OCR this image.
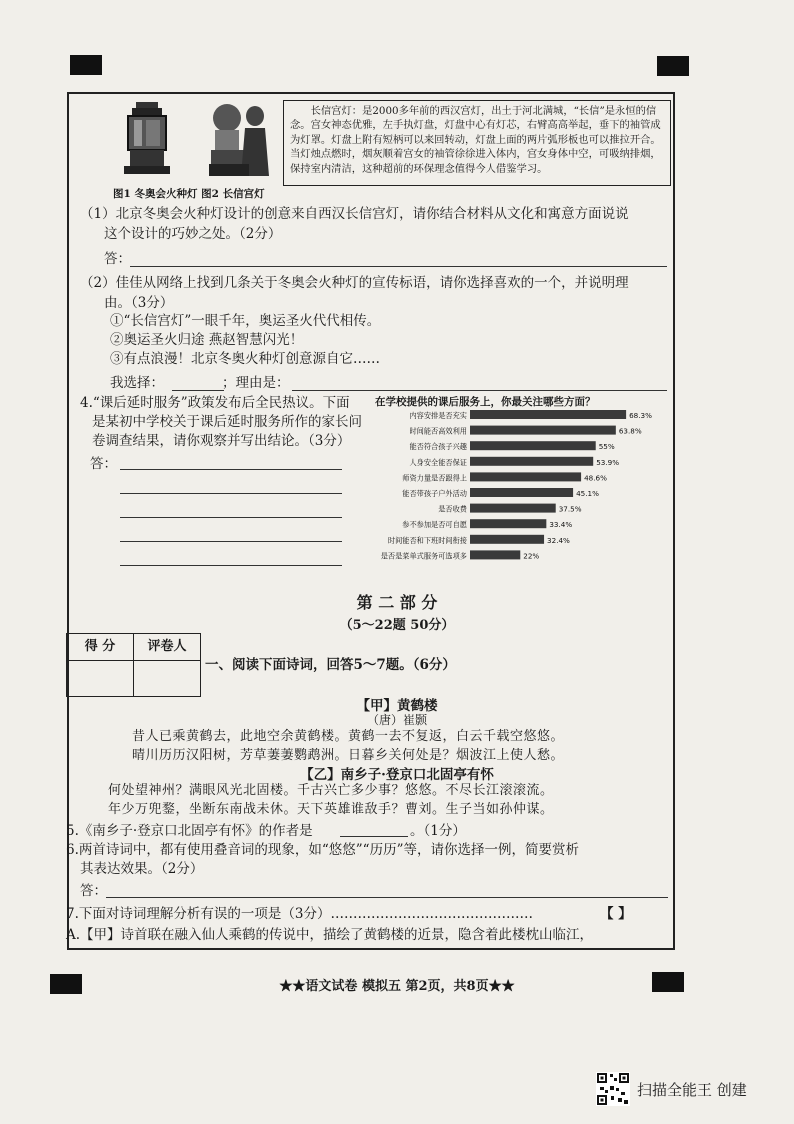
图1 冬奥会火种灯 图2 长信宫灯
长信宫灯：是2000多年前的西汉宫灯，出土于河北满城，“长信”是永恒的信念。宫女神态优雅，左手执灯盘，灯盘中心有灯芯，右臂高高举起，垂下的袖管成为灯罩。灯盘上附有短柄可以来回转动，灯盘上面的两片弧形板也可以推拉开合。当灯烛点燃时，烟灰顺着宫女的袖管徐徐进入体内，宫女身体中空，可吸纳排烟，保持室内清洁，这种超前的环保理念值得今人借鉴学习。
（1）北京冬奥会火种灯设计的创意来自西汉长信宫灯，请你结合材料从文化和寓意方面说说
这个设计的巧妙之处。（2分）
答：
（2）佳佳从网络上找到几条关于冬奥会火种灯的宣传标语，请你选择喜欢的一个，并说明理
由。（3分）
①“长信宫灯”一眼千年，奥运圣火代代相传。
②奥运圣火归途 燕赵智慧闪光！
③有点浪漫！北京冬奥火种灯创意源自它……
我选择：	；理由是：
4.“课后延时服务”政策发布后全民热议。下面
是某初中学校关于课后延时服务所作的家长问
卷调查结果，请你观察并写出结论。（3分）
答：
在学校提供的课后服务上，你最关注哪些方面？
内容安排是否充实	68.3%
时间能否高效利用	63.8%
能否符合孩子兴趣	55%
人身安全能否保证	53.9%
师资力量是否跟得上	48.6%
能否带孩子户外活动	45.1%
是否收费	37.5%
参不参加是否可自愿	33.4%
时间能否和下班时间衔接	32.4%
是否是菜单式服务可选项多	22%
第 二 部 分
（5～22题 50分）
得 分	评卷人
一、阅读下面诗词，回答5～7题。（6分）
【甲】黄鹤楼
（唐）崔颢
昔人已乘黄鹤去，此地空余黄鹤楼。黄鹤一去不复返，白云千载空悠悠。
晴川历历汉阳树，芳草萋萋鹦鹉洲。日暮乡关何处是？烟波江上使人愁。
【乙】南乡子·登京口北固亭有怀
何处望神州？满眼风光北固楼。千古兴亡多少事？悠悠。不尽长江滚滚流。
年少万兜鍪，坐断东南战未休。天下英雄谁敌手？曹刘。生子当如孙仲谋。
5.《南乡子·登京口北固亭有怀》的作者是	。（1分）
6.两首诗词中，都有使用叠音词的现象，如“悠悠”“历历”等，请你选择一例，简要赏析
其表达效果。（2分）
答：
7.下面对诗词理解分析有误的一项是（3分）………………………………………	【 】
A.【甲】诗首联在融入仙人乘鹤的传说中，描绘了黄鹤楼的近景，隐含着此楼枕山临江，
★★语文试卷 模拟五 第2页，共8页★★
扫描全能王 创建
